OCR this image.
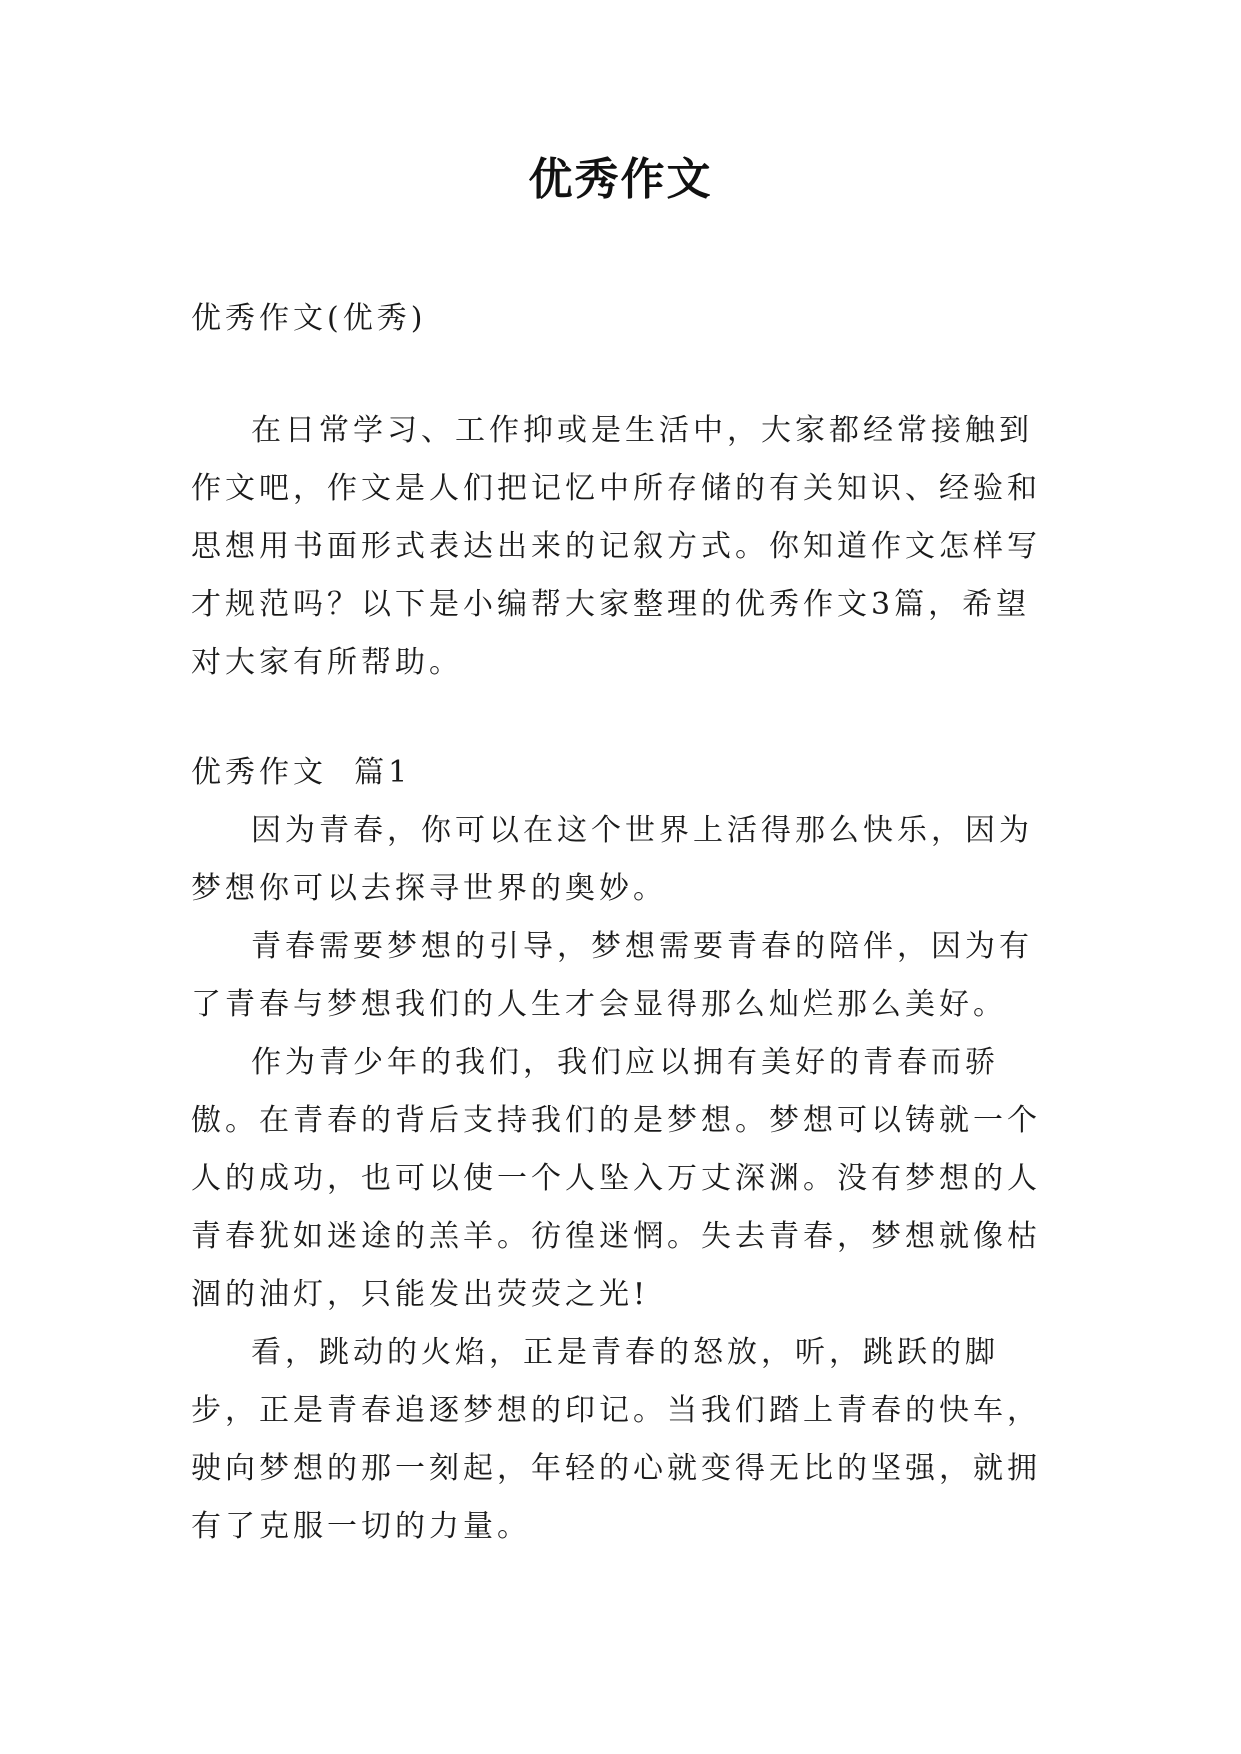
优秀作文

优秀作文(优秀)

在日常学习、工作抑或是生活中，大家都经常接触到作文吧，作文是人们把记忆中所存储的有关知识、经验和思想用书面形式表达出来的记叙方式。你知道作文怎样写才规范吗？以下是小编帮大家整理的优秀作文3篇，希望对大家有所帮助。

优秀作文  篇1

因为青春，你可以在这个世界上活得那么快乐，因为梦想你可以去探寻世界的奥妙。

青春需要梦想的引导，梦想需要青春的陪伴，因为有了青春与梦想我们的人生才会显得那么灿烂那么美好。

作为青少年的我们，我们应以拥有美好的青春而骄傲。在青春的背后支持我们的是梦想。梦想可以铸就一个人的成功，也可以使一个人坠入万丈深渊。没有梦想的人青春犹如迷途的羔羊。彷徨迷惘。失去青春，梦想就像枯涸的油灯，只能发出荧荧之光!

看，跳动的火焰，正是青春的怒放，听，跳跃的脚步，正是青春追逐梦想的印记。当我们踏上青春的快车，驶向梦想的那一刻起，年轻的心就变得无比的坚强，就拥有了克服一切的力量。
